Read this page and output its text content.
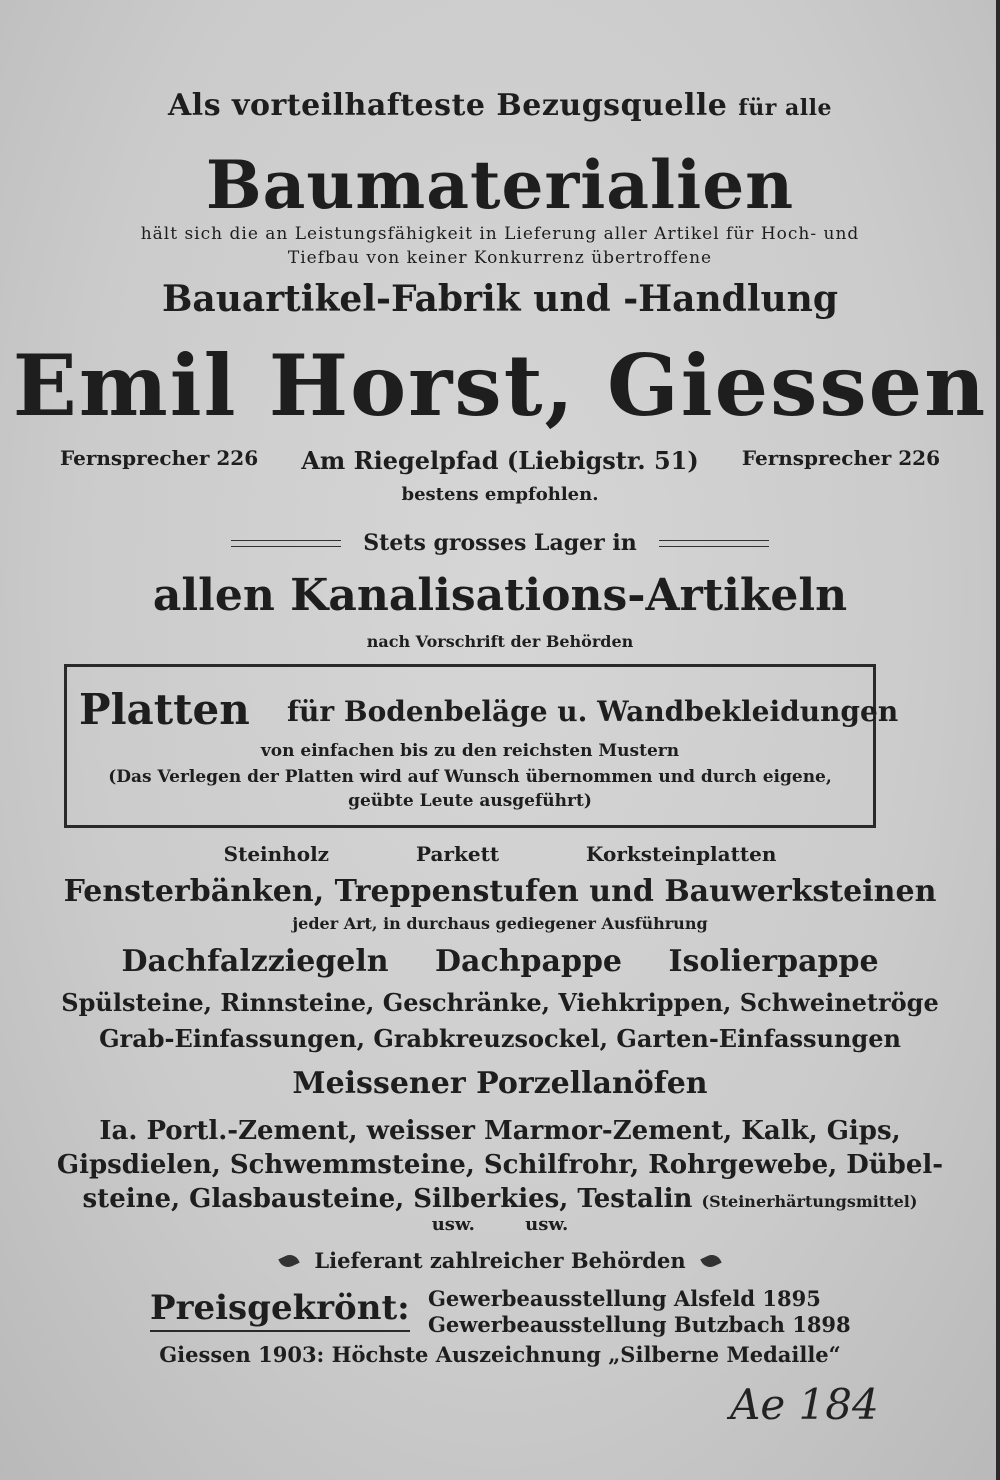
Als vorteilhafteste Bezugsquelle für alle
Baumaterialien
hält sich die an Leistungsfähigkeit in Lieferung aller Artikel für Hoch- und
Tiefbau von keiner Konkurrenz übertroffene
Bauartikel-Fabrik und -Handlung
Emil Horst, Giessen
Fernsprecher 226 Am Riegelpfad (Liebigstr. 51) Fernsprecher 226
bestens empfohlen.
Stets grosses Lager in
allen Kanalisations-Artikeln
nach Vorschrift der Behörden
Platten für Bodenbeläge u. Wandbekleidungen
von einfachen bis zu den reichsten Mustern
(Das Verlegen der Platten wird auf Wunsch übernommen und durch eigene,
geübte Leute ausgeführt)
Steinholz	Parkett	Korksteinplatten
Fensterbänken, Treppenstufen und Bauwerksteinen
jeder Art, in durchaus gediegener Ausführung
Dachfalzziegeln Dachpappe Isolierpappe
Spülsteine, Rinnsteine, Geschränke, Viehkrippen, Schweinetröge
Grab-Einfassungen, Grabkreuzsockel, Garten-Einfassungen
Meissener Porzellanöfen
Ia. Portl.-Zement, weisser Marmor-Zement, Kalk, Gips,
Gipsdielen, Schwemmsteine, Schilfrohr, Rohrgewebe, Dübel-
steine, Glasbausteine, Silberkies, Testalin (Steinerhärtungsmittel)
usw.	usw.
Lieferant zahlreicher Behörden
Preisgekrönt: Gewerbeausstellung Alsfeld 1895
Gewerbeausstellung Butzbach 1898
Giessen 1903: Höchste Auszeichnung „Silberne Medaille“
Ae 184
